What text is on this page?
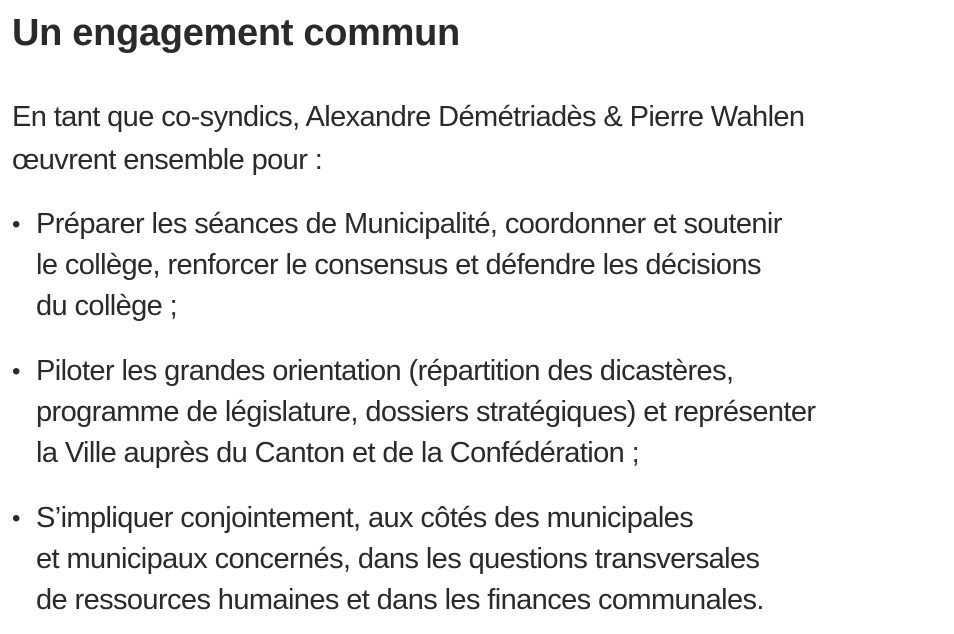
Un engagement commun

En tant que co-syndics, Alexandre Démétriadès & Pierre Wahlen
œuvrent ensemble pour :

• Préparer les séances de Municipalité, coordonner et soutenir
le collège, renforcer le consensus et défendre les décisions
du collège ;
• Piloter les grandes orientation (répartition des dicastères,
programme de législature, dossiers stratégiques) et représenter
la Ville auprès du Canton et de la Confédération ;
• S’impliquer conjointement, aux côtés des municipales
et municipaux concernés, dans les questions transversales
de ressources humaines et dans les finances communales.
